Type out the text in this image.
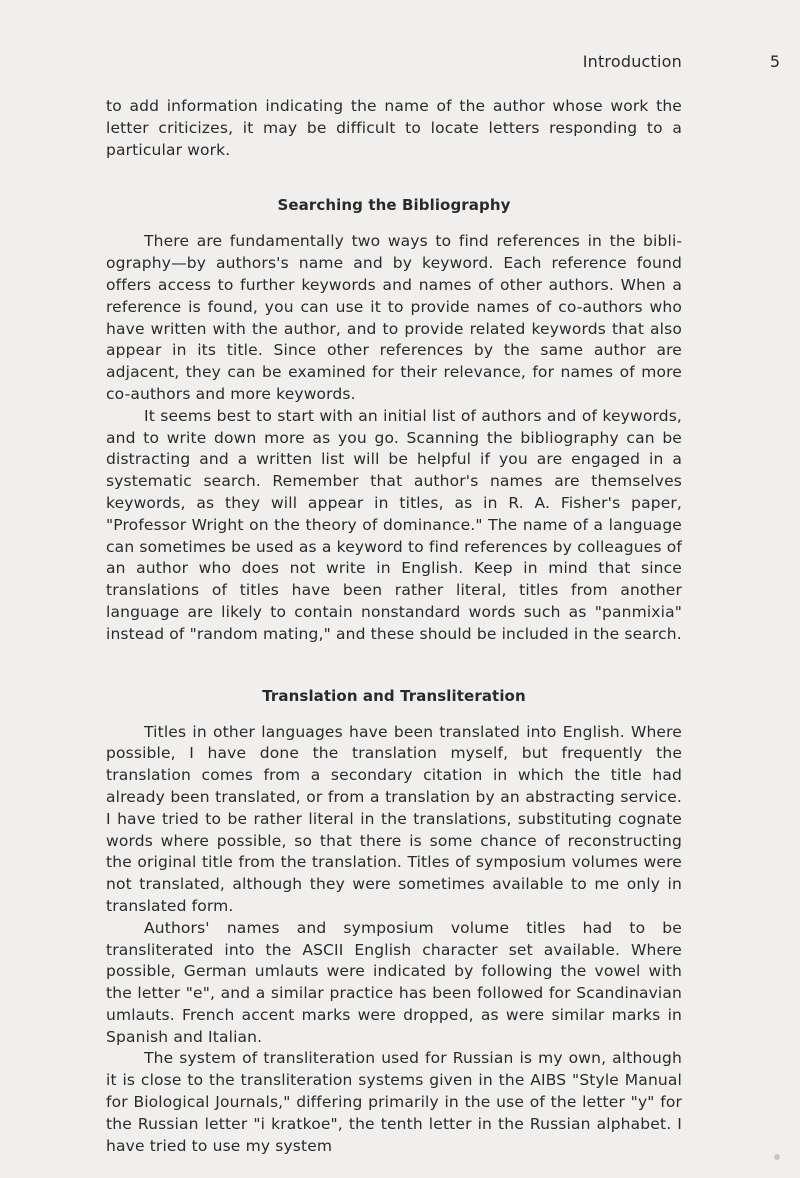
Introduction	5

to add information indicating the name of the author whose work the letter criticizes, it may be difficult to locate letters responding to a particular work.

Searching the Bibliography

There are fundamentally two ways to find references in the bibliography—by authors's name and by keyword. Each reference found offers access to further keywords and names of other authors. When a reference is found, you can use it to provide names of co-authors who have written with the author, and to provide related keywords that also appear in its title. Since other references by the same author are adjacent, they can be examined for their relevance, for names of more co-authors and more keywords.

It seems best to start with an initial list of authors and of keywords, and to write down more as you go. Scanning the bibliography can be distracting and a written list will be helpful if you are engaged in a systematic search. Remember that author's names are themselves keywords, as they will appear in titles, as in R. A. Fisher's paper, "Professor Wright on the theory of dominance." The name of a language can sometimes be used as a keyword to find references by colleagues of an author who does not write in English. Keep in mind that since translations of titles have been rather literal, titles from another language are likely to contain nonstandard words such as "panmixia" instead of "random mating," and these should be included in the search.

Translation and Transliteration

Titles in other languages have been translated into English. Where possible, I have done the translation myself, but frequently the translation comes from a secondary citation in which the title had already been translated, or from a translation by an abstracting service. I have tried to be rather literal in the translations, substituting cognate words where possible, so that there is some chance of reconstructing the original title from the translation. Titles of symposium volumes were not translated, although they were sometimes available to me only in translated form.

Authors' names and symposium volume titles had to be transliterated into the ASCII English character set available. Where possible, German umlauts were indicated by following the vowel with the letter "e", and a similar practice has been followed for Scandinavian umlauts. French accent marks were dropped, as were similar marks in Spanish and Italian.

The system of transliteration used for Russian is my own, although it is close to the transliteration systems given in the AIBS "Style Manual for Biological Journals," differing primarily in the use of the letter "y" for the Russian letter "i kratkoe", the tenth letter in the Russian alphabet. I have tried to use my system
